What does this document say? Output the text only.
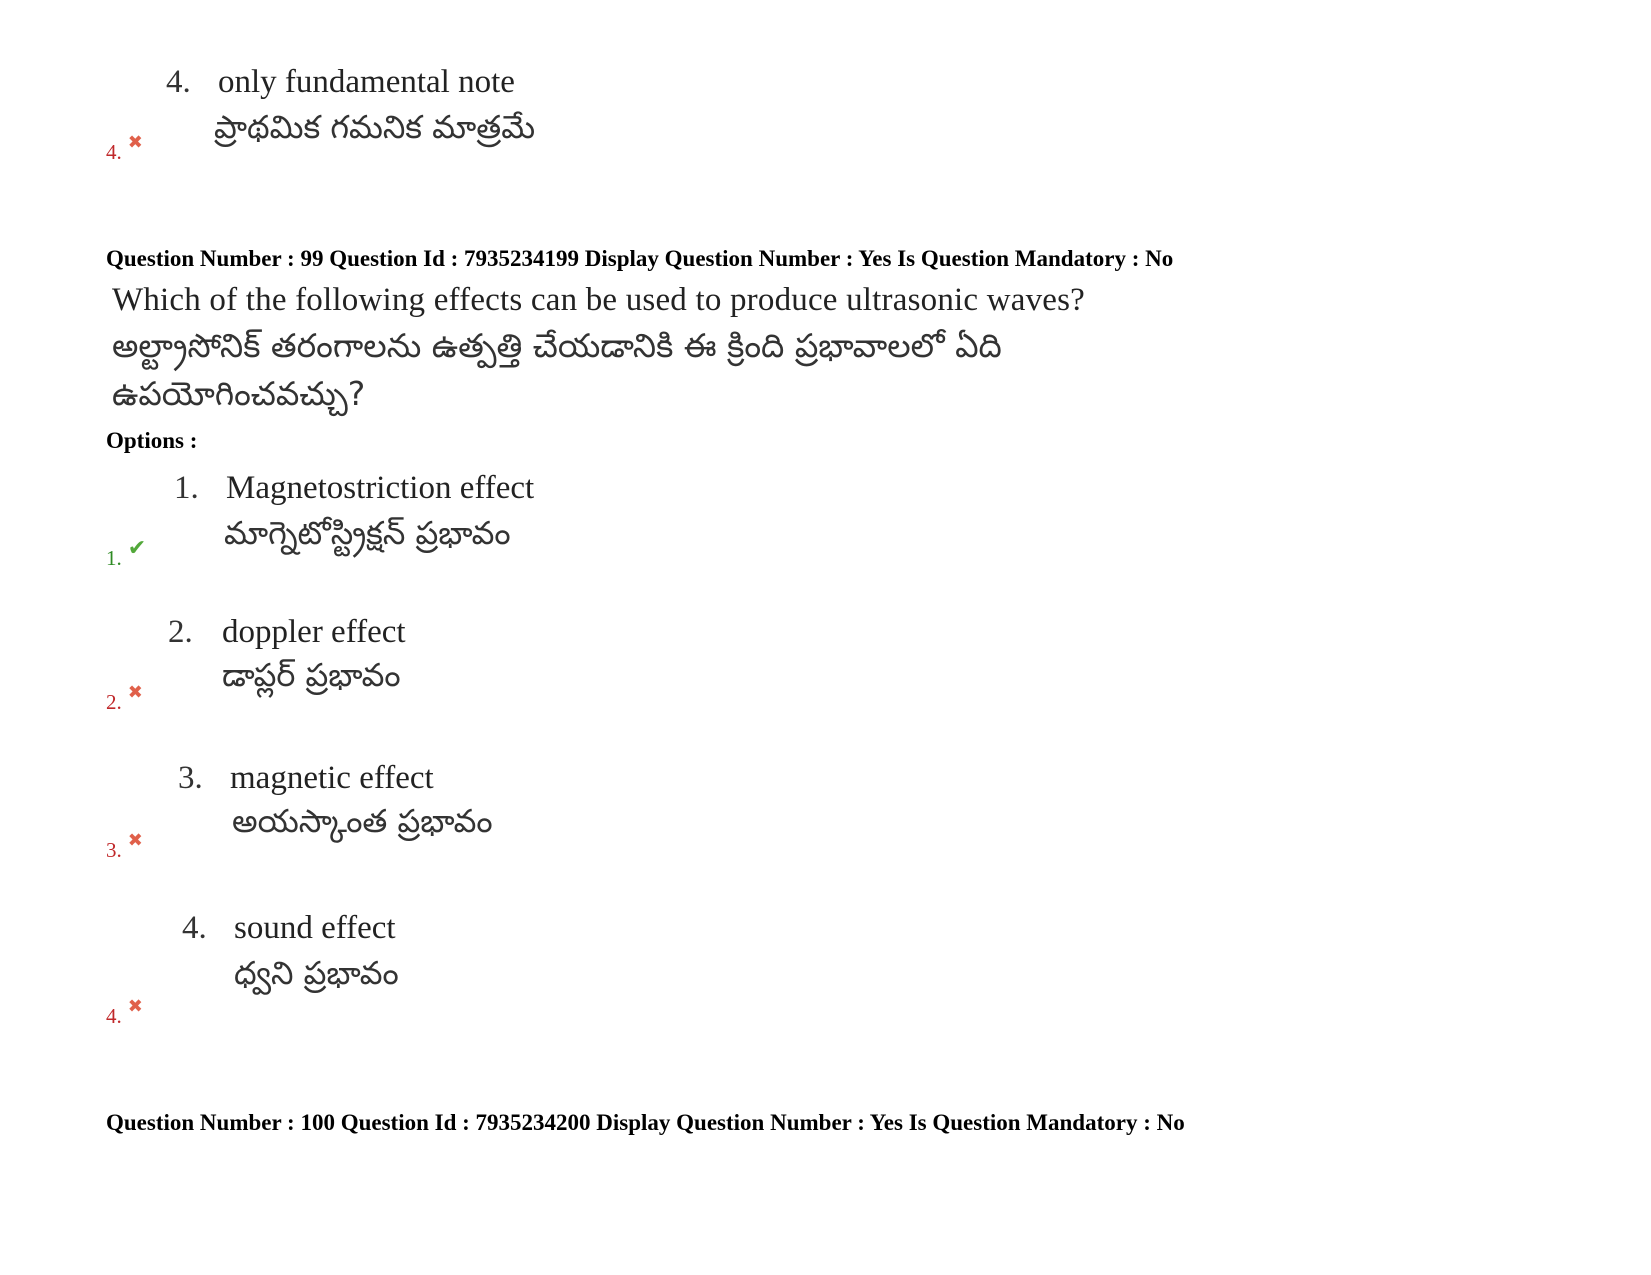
4. only fundamental note
ప్రాథమిక గమనిక మాత్రమే
4. ✖
Question Number : 99 Question Id : 7935234199 Display Question Number : Yes Is Question Mandatory : No
Which of the following effects can be used to produce ultrasonic waves?
అల్ట్రాసోనిక్ తరంగాలను ఉత్పత్తి చేయడానికి ఈ క్రింది ప్రభావాలలో ఏది
ఉపయోగించవచ్చు?
Options :
1. Magnetostriction effect
మాగ్నెటోస్ట్రిక్షన్ ప్రభావం
1. ✔
2. doppler effect
డాప్లర్ ప్రభావం
2. ✖
3. magnetic effect
అయస్కాంత ప్రభావం
3. ✖
4. sound effect
ధ్వని ప్రభావం
4. ✖
Question Number : 100 Question Id : 7935234200 Display Question Number : Yes Is Question Mandatory : No
